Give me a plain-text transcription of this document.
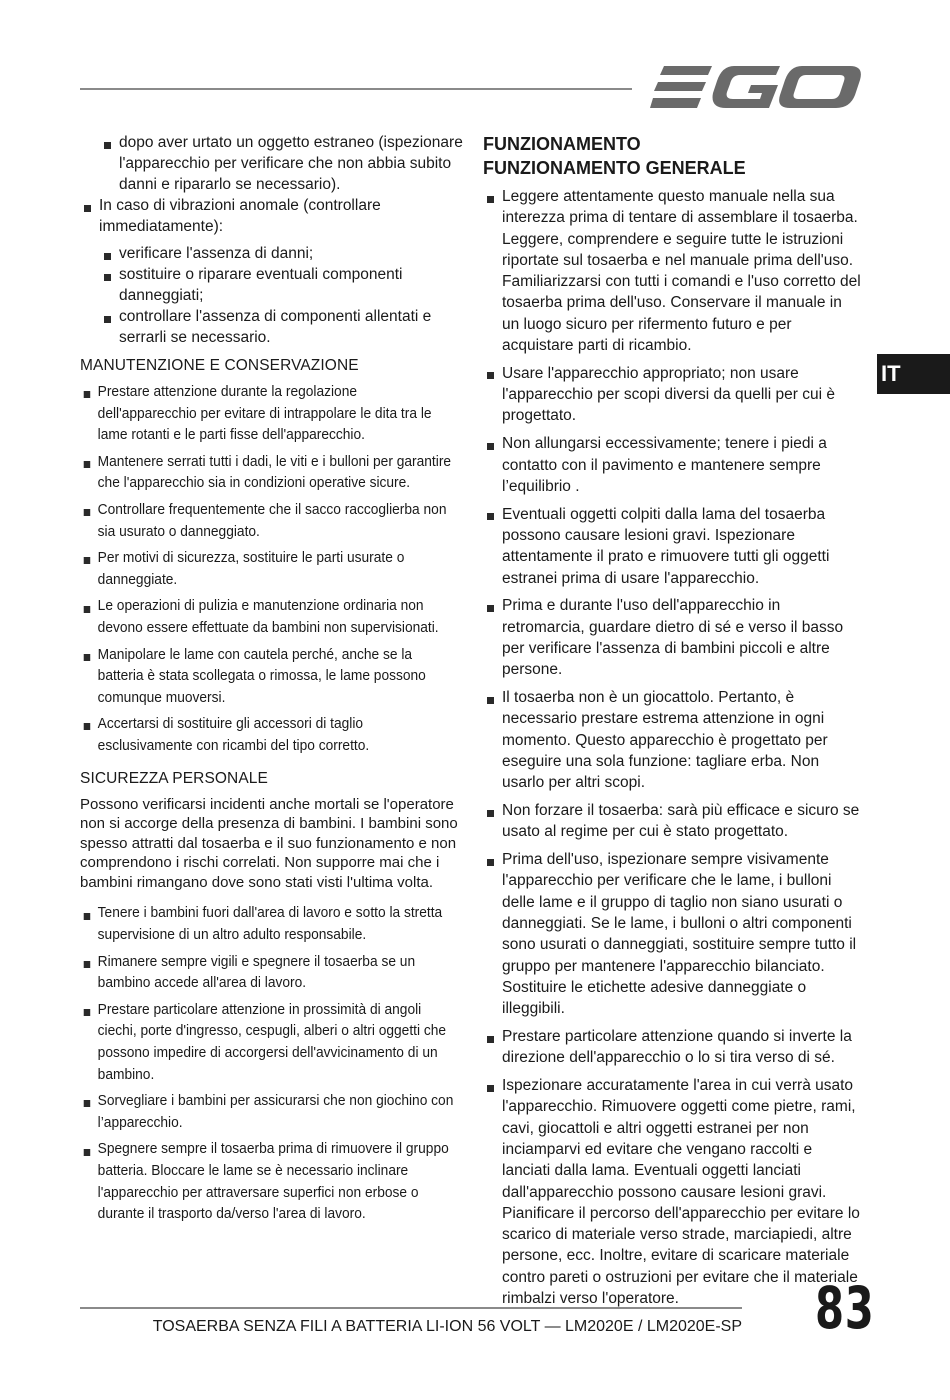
IT
dopo aver urtato un oggetto estraneo (ispezionare l'apparecchio per verificare che non abbia subito danni e ripararlo se necessario).
In caso di vibrazioni anomale (controllare immediatamente):
verificare l'assenza di danni;
sostituire o riparare eventuali componenti danneggiati;
controllare l'assenza di componenti allentati e serrarli se necessario.
MANUTENZIONE E CONSERVAZIONE
Prestare attenzione durante la regolazione dell'apparecchio per evitare di intrappolare le dita tra le lame rotanti e le parti fisse dell'apparecchio.
Mantenere serrati tutti i dadi, le viti e i bulloni per garantire che l'apparecchio sia in condizioni operative sicure.
Controllare frequentemente che il sacco raccoglierba non sia usurato o danneggiato.
Per motivi di sicurezza, sostituire le parti usurate o danneggiate.
Le operazioni di pulizia e manutenzione ordinaria non devono essere effettuate da bambini non supervisionati.
Manipolare le lame con cautela perché, anche se la batteria è stata scollegata o rimossa, le lame possono comunque muoversi.
Accertarsi di sostituire gli accessori di taglio esclusivamente con ricambi del tipo corretto.
SICUREZZA PERSONALE

Possono verificarsi incidenti anche mortali se l'operatore non si accorge della presenza di bambini. I bambini sono spesso attratti dal tosaerba e il suo funzionamento e non comprendono i rischi correlati. Non supporre mai che i bambini rimangano dove sono stati visti l'ultima volta.

Tenere i bambini fuori dall'area di lavoro e sotto la stretta supervisione di un altro adulto responsabile.
Rimanere sempre vigili e spegnere il tosaerba se un bambino accede all'area di lavoro.
Prestare particolare attenzione in prossimità di angoli ciechi, porte d'ingresso, cespugli, alberi o altri oggetti che possono impedire di accorgersi dell'avvicinamento di un bambino.
Sorvegliare i bambini per assicurarsi che non giochino con l’apparecchio.
Spegnere sempre il tosaerba prima di rimuovere il gruppo batteria. Bloccare le lame se è necessario inclinare l'apparecchio per attraversare superfici non erbose o durante il trasporto da/verso l'area di lavoro.
FUNZIONAMENTO
FUNZIONAMENTO GENERALE
Leggere attentamente questo manuale nella sua interezza prima di tentare di assemblare il tosaerba. Leggere, comprendere e seguire tutte le istruzioni riportate sul tosaerba e nel manuale prima dell'uso. Familiarizzarsi con tutti i comandi e l'uso corretto del tosaerba prima dell'uso. Conservare il manuale in un luogo sicuro per rifermento futuro e per acquistare parti di ricambio.
Usare l'apparecchio appropriato; non usare l'apparecchio per scopi diversi da quelli per cui è progettato.
Non allungarsi eccessivamente; tenere i piedi a contatto con il pavimento e mantenere sempre l’equilibrio .
Eventuali oggetti colpiti dalla lama del tosaerba possono causare lesioni gravi. Ispezionare attentamente il prato e rimuovere tutti gli oggetti estranei prima di usare l'apparecchio.
Prima e durante l'uso dell'apparecchio in retromarcia, guardare dietro di sé e verso il basso per verificare l'assenza di bambini piccoli e altre persone.
Il tosaerba non è un giocattolo. Pertanto, è necessario prestare estrema attenzione in ogni momento. Questo apparecchio è progettato per eseguire una sola funzione: tagliare erba. Non usarlo per altri scopi.
Non forzare il tosaerba: sarà più efficace e sicuro se usato al regime per cui è stato progettato.
Prima dell'uso, ispezionare sempre visivamente l'apparecchio per verificare che le lame, i bulloni delle lame e il gruppo di taglio non siano usurati o danneggiati. Se le lame, i bulloni o altri componenti sono usurati o danneggiati, sostituire sempre tutto il gruppo per mantenere l'apparecchio bilanciato. Sostituire le etichette adesive danneggiate o illeggibili.
Prestare particolare attenzione quando si inverte la direzione dell'apparecchio o lo si tira verso di sé.
Ispezionare accuratamente l'area in cui verrà usato l'apparecchio. Rimuovere oggetti come pietre, rami, cavi, giocattoli e altri oggetti estranei per non inciamparvi ed evitare che vengano raccolti e lanciati dalla lama. Eventuali oggetti lanciati dall'apparecchio possono causare lesioni gravi. Pianificare il percorso dell'apparecchio per evitare lo scarico di materiale verso strade, marciapiedi, altre persone, ecc. Inoltre, evitare di scaricare materiale contro pareti o ostruzioni per evitare che il materiale rimbalzi verso l'operatore.
TOSAERBA SENZA FILI A BATTERIA LI-ION 56 VOLT — LM2020E / LM2020E-SP 83
